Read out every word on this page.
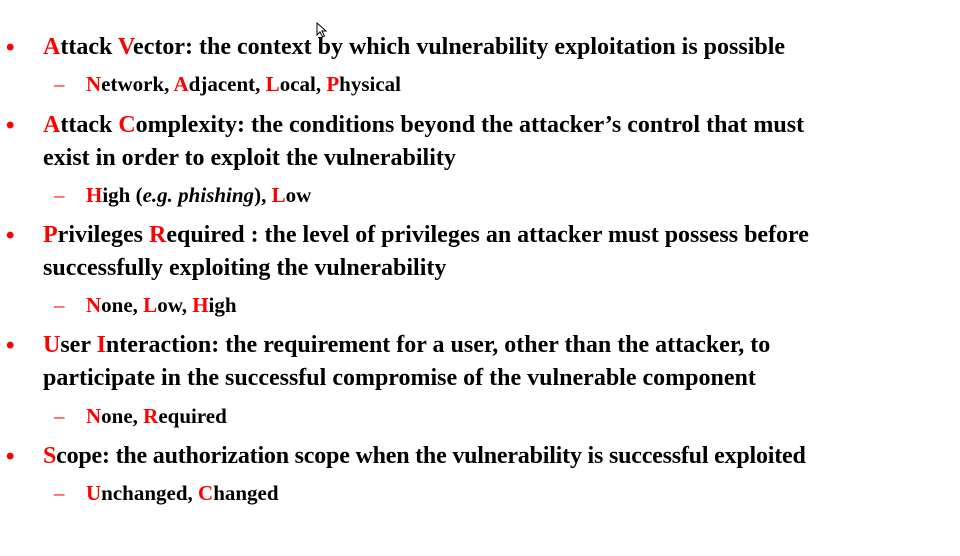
• Attack Vector: the context by which vulnerability exploitation is possible
– Network, Adjacent, Local, Physical
• Attack Complexity: the conditions beyond the attacker’s control that must
exist in order to exploit the vulnerability
– High (e.g. phishing), Low
• Privileges Required : the level of privileges an attacker must possess before
successfully exploiting the vulnerability
– None, Low, High
• User Interaction: the requirement for a user, other than the attacker, to
participate in the successful compromise of the vulnerable component
– None, Required
• Scope: the authorization scope when the vulnerability is successful exploited
– Unchanged, Changed
